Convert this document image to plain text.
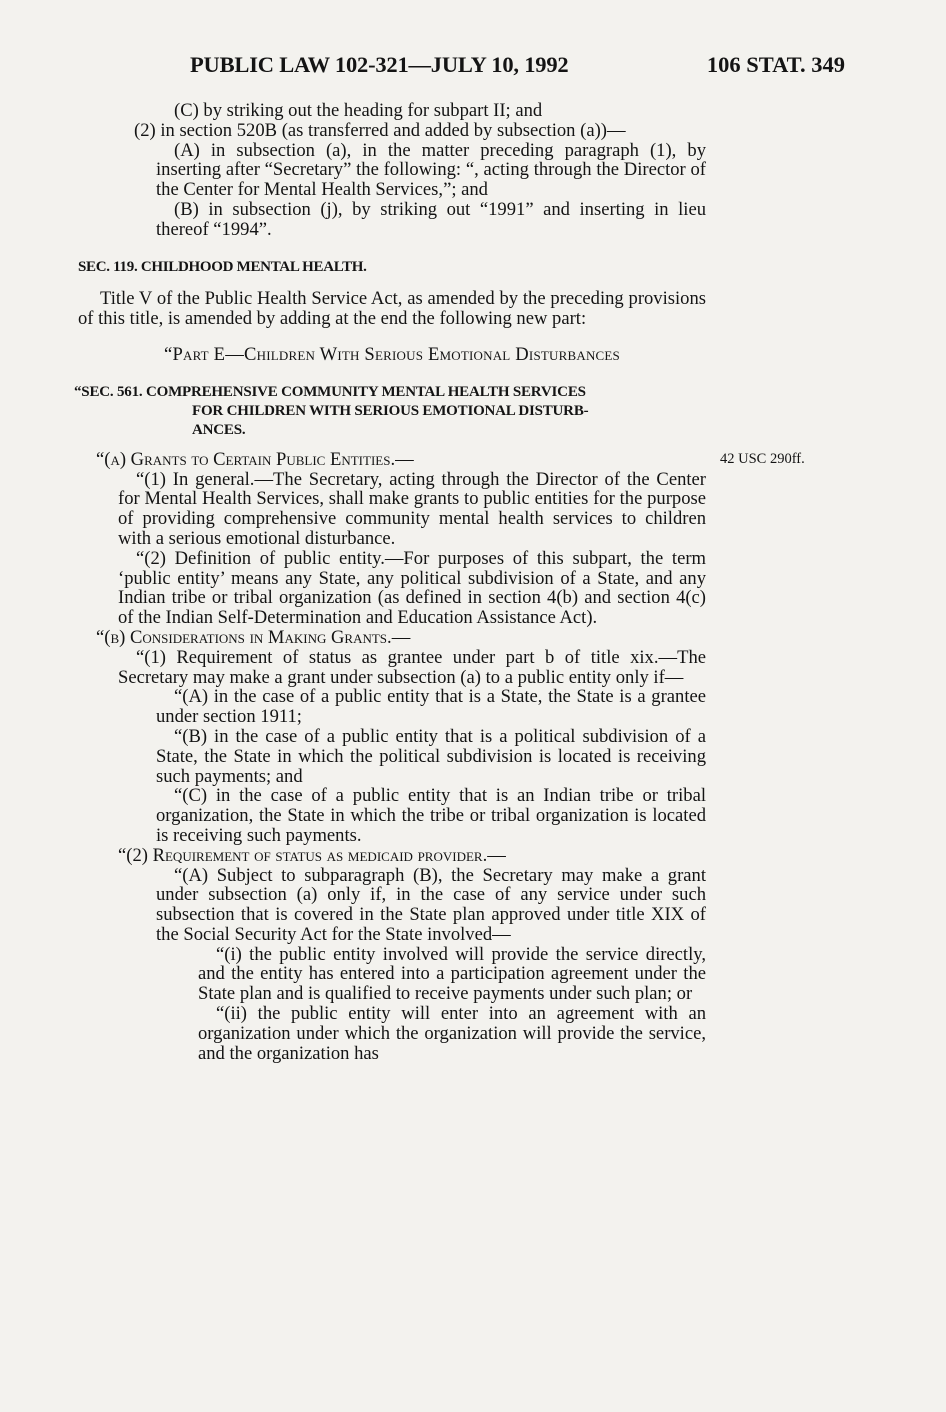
PUBLIC LAW 102-321—JULY 10, 1992	106 STAT. 349
42 USC 290ff.

(C) by striking out the heading for subpart II; and

(2) in section 520B (as transferred and added by subsection (a))—

(A) in subsection (a), in the matter preceding paragraph (1), by inserting after “Secretary” the following: “, acting through the Director of the Center for Mental Health Services,”; and

(B) in subsection (j), by striking out “1991” and inserting in lieu thereof “1994”.

SEC. 119. CHILDHOOD MENTAL HEALTH.

Title V of the Public Health Service Act, as amended by the preceding provisions of this title, is amended by adding at the end the following new part:

“Part E—Children With Serious Emotional Disturbances

“SEC. 561. COMPREHENSIVE COMMUNITY MENTAL HEALTH SERVICES
FOR CHILDREN WITH SERIOUS EMOTIONAL DISTURB-
ANCES.

“(a) Grants to Certain Public Entities.—

“(1) In general.—The Secretary, acting through the Director of the Center for Mental Health Services, shall make grants to public entities for the purpose of providing comprehensive community mental health services to children with a serious emotional disturbance.

“(2) Definition of public entity.—For purposes of this subpart, the term ‘public entity’ means any State, any political subdivision of a State, and any Indian tribe or tribal organization (as defined in section 4(b) and section 4(c) of the Indian Self-Determination and Education Assistance Act).

“(b) Considerations in Making Grants.—

“(1) Requirement of status as grantee under part b of title xix.—The Secretary may make a grant under subsection (a) to a public entity only if—

“(A) in the case of a public entity that is a State, the State is a grantee under section 1911;

“(B) in the case of a public entity that is a political subdivision of a State, the State in which the political subdivision is located is receiving such payments; and

“(C) in the case of a public entity that is an Indian tribe or tribal organization, the State in which the tribe or tribal organization is located is receiving such payments.

“(2) Requirement of status as medicaid provider.—

“(A) Subject to subparagraph (B), the Secretary may make a grant under subsection (a) only if, in the case of any service under such subsection that is covered in the State plan approved under title XIX of the Social Security Act for the State involved—

“(i) the public entity involved will provide the service directly, and the entity has entered into a participation agreement under the State plan and is qualified to receive payments under such plan; or

“(ii) the public entity will enter into an agreement with an organization under which the organization will provide the service, and the organization has
